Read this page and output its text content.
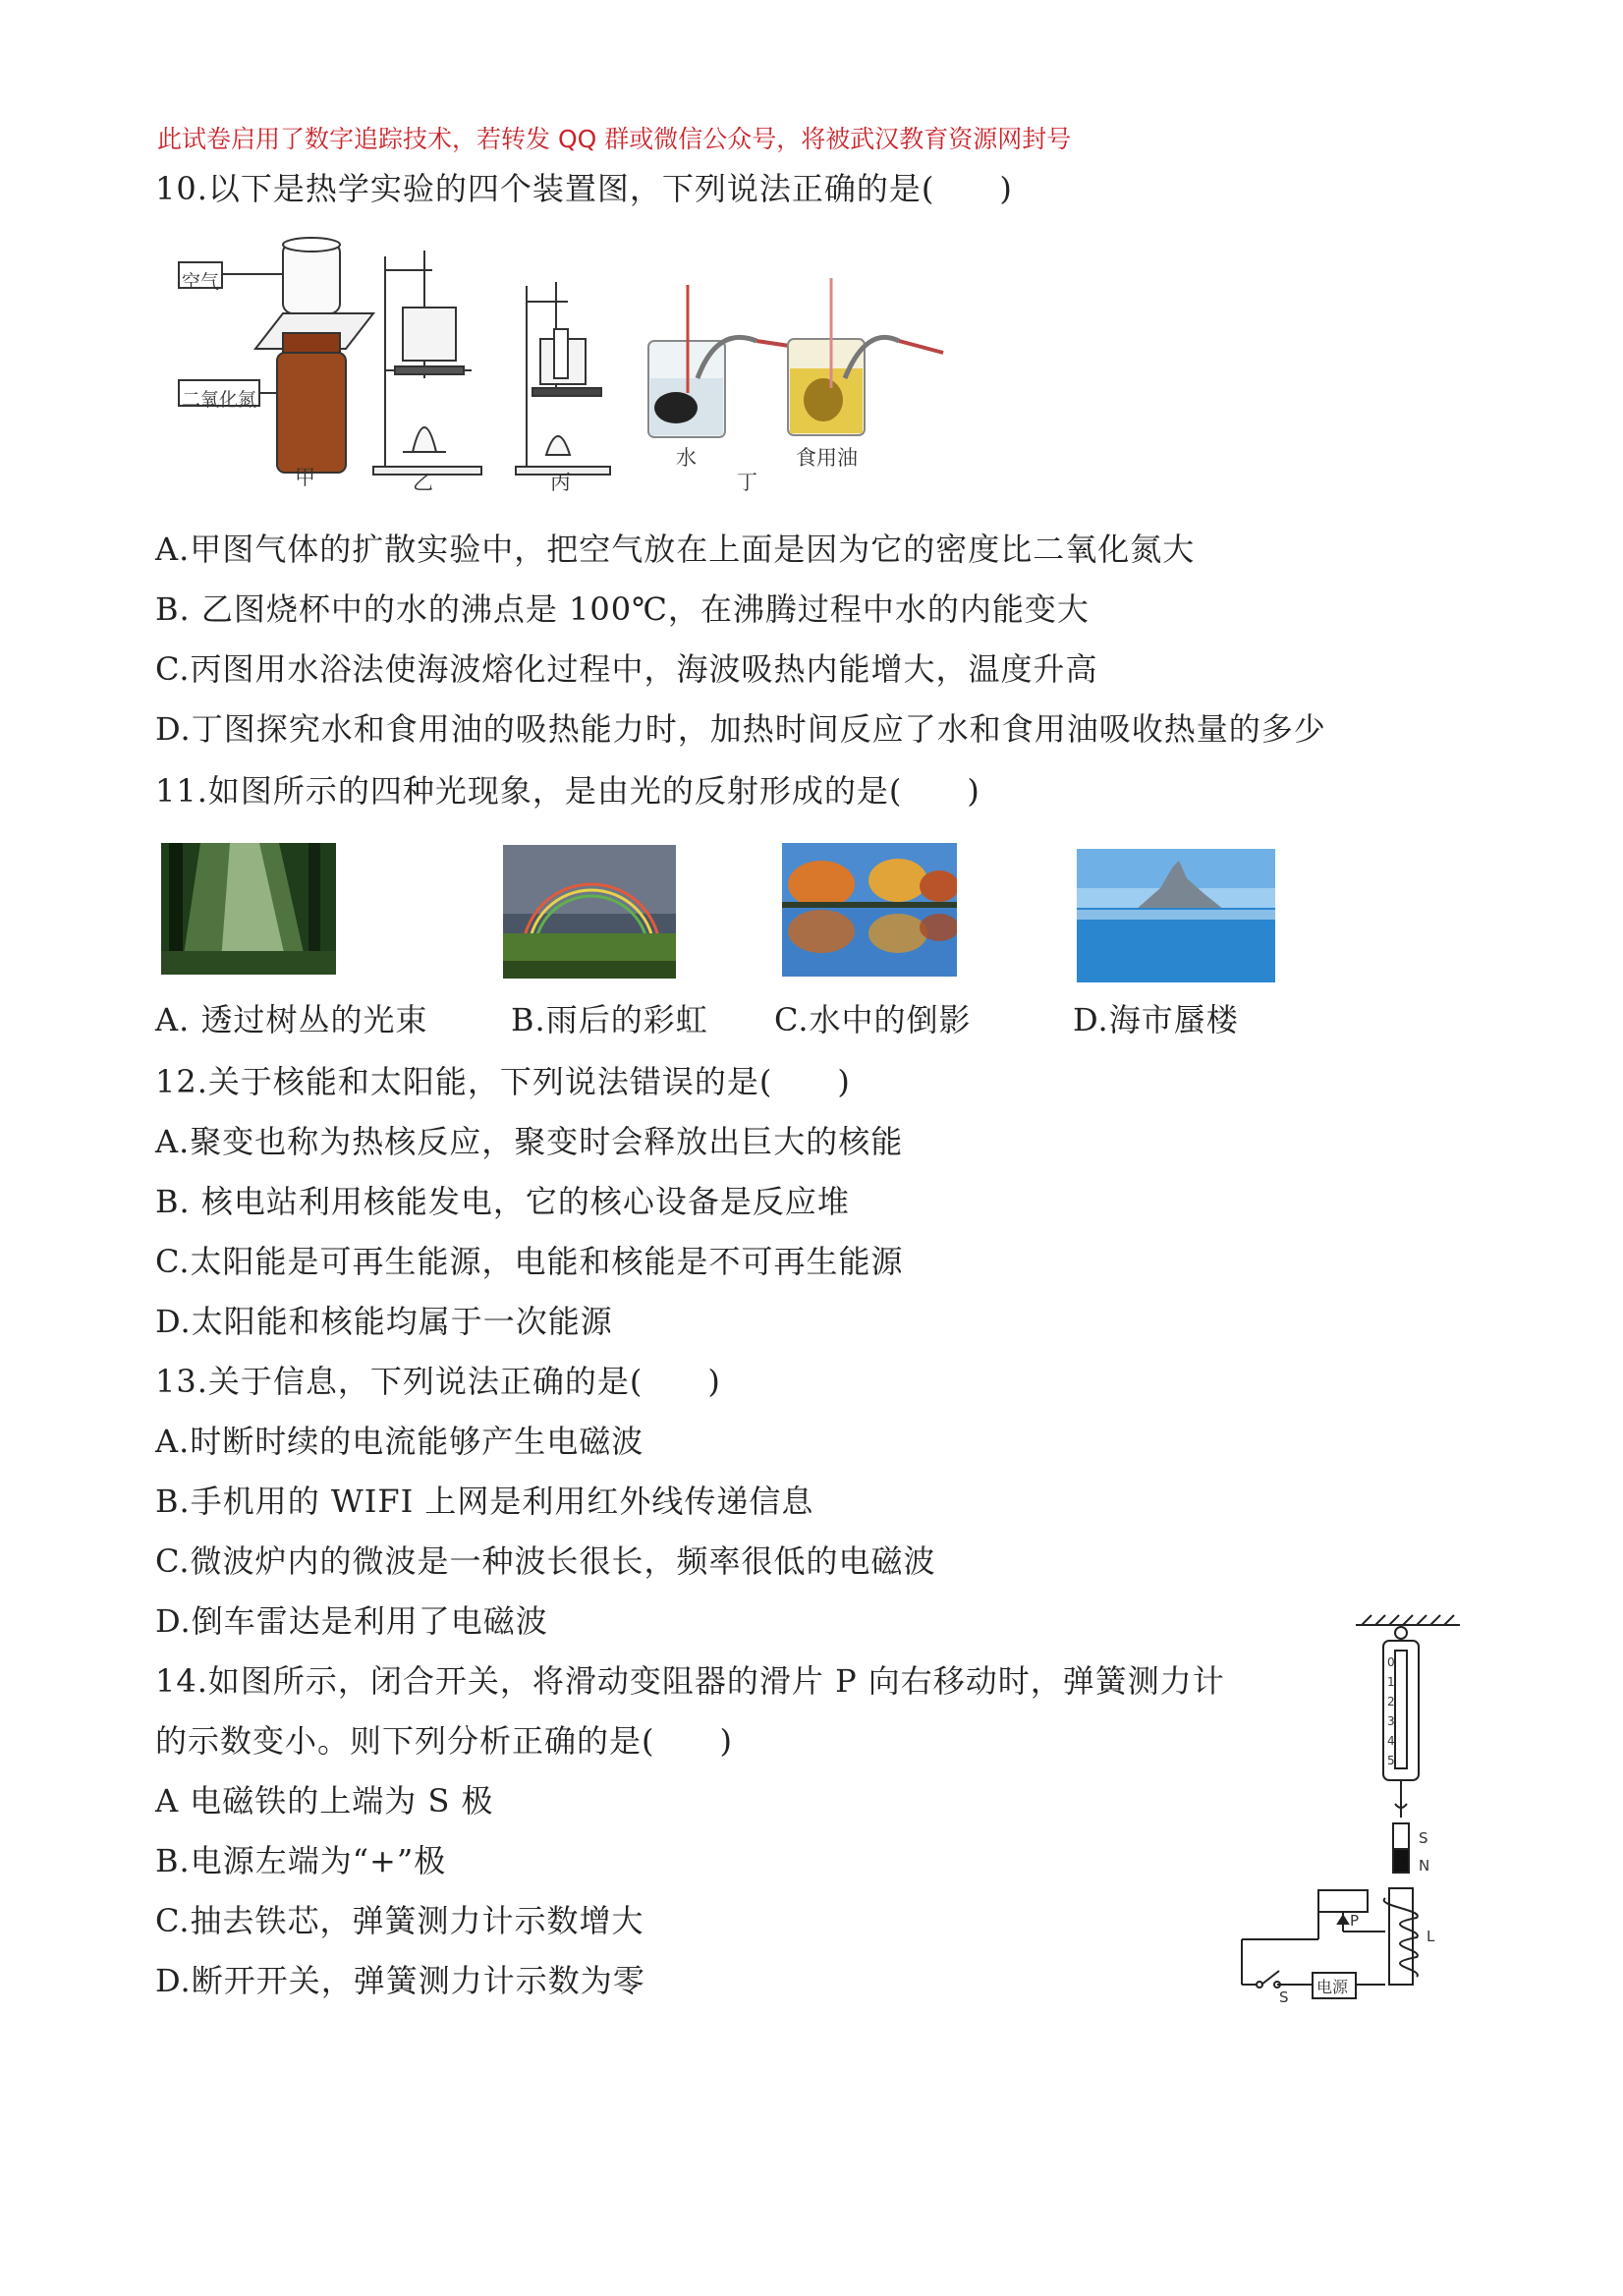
此试卷启用了数字追踪技术，若转发 QQ 群或微信公众号，将被武汉教育资源网封号
10.以下是热学实验的四个装置图，下列说法正确的是(　　)
空气
二氧化氮
甲	乙	丙
水
丁
食用油
A.甲图气体的扩散实验中，把空气放在上面是因为它的密度比二氧化氮大
B. 乙图烧杯中的水的沸点是 100℃，在沸腾过程中水的内能变大
C.丙图用水浴法使海波熔化过程中，海波吸热内能增大，温度升高
D.丁图探究水和食用油的吸热能力时，加热时间反应了水和食用油吸收热量的多少
11.如图所示的四种光现象，是由光的反射形成的是(　　)
A. 透过树丛的光束	B.雨后的彩虹 C.水中的倒影	D.海市蜃楼
12.关于核能和太阳能，下列说法错误的是(　　)
A.聚变也称为热核反应，聚变时会释放出巨大的核能
B. 核电站利用核能发电，它的核心设备是反应堆
C.太阳能是可再生能源，电能和核能是不可再生能源
D.太阳能和核能均属于一次能源
13.关于信息，下列说法正确的是(　　)
A.时断时续的电流能够产生电磁波
B.手机用的 WIFI 上网是利用红外线传递信息
C.微波炉内的微波是一种波长很长，频率很低的电磁波
D.倒车雷达是利用了电磁波
14.如图所示，闭合开关，将滑动变阻器的滑片 P 向右移动时，弹簧测力计
的示数变小。则下列分析正确的是(　　)
A 电磁铁的上端为 S 极
B.电源左端为“+”极
C.抽去铁芯，弹簧测力计示数增大
D.断开开关，弹簧测力计示数为零
0
1
2
3
4
5
S
N
P
L
S
电源
